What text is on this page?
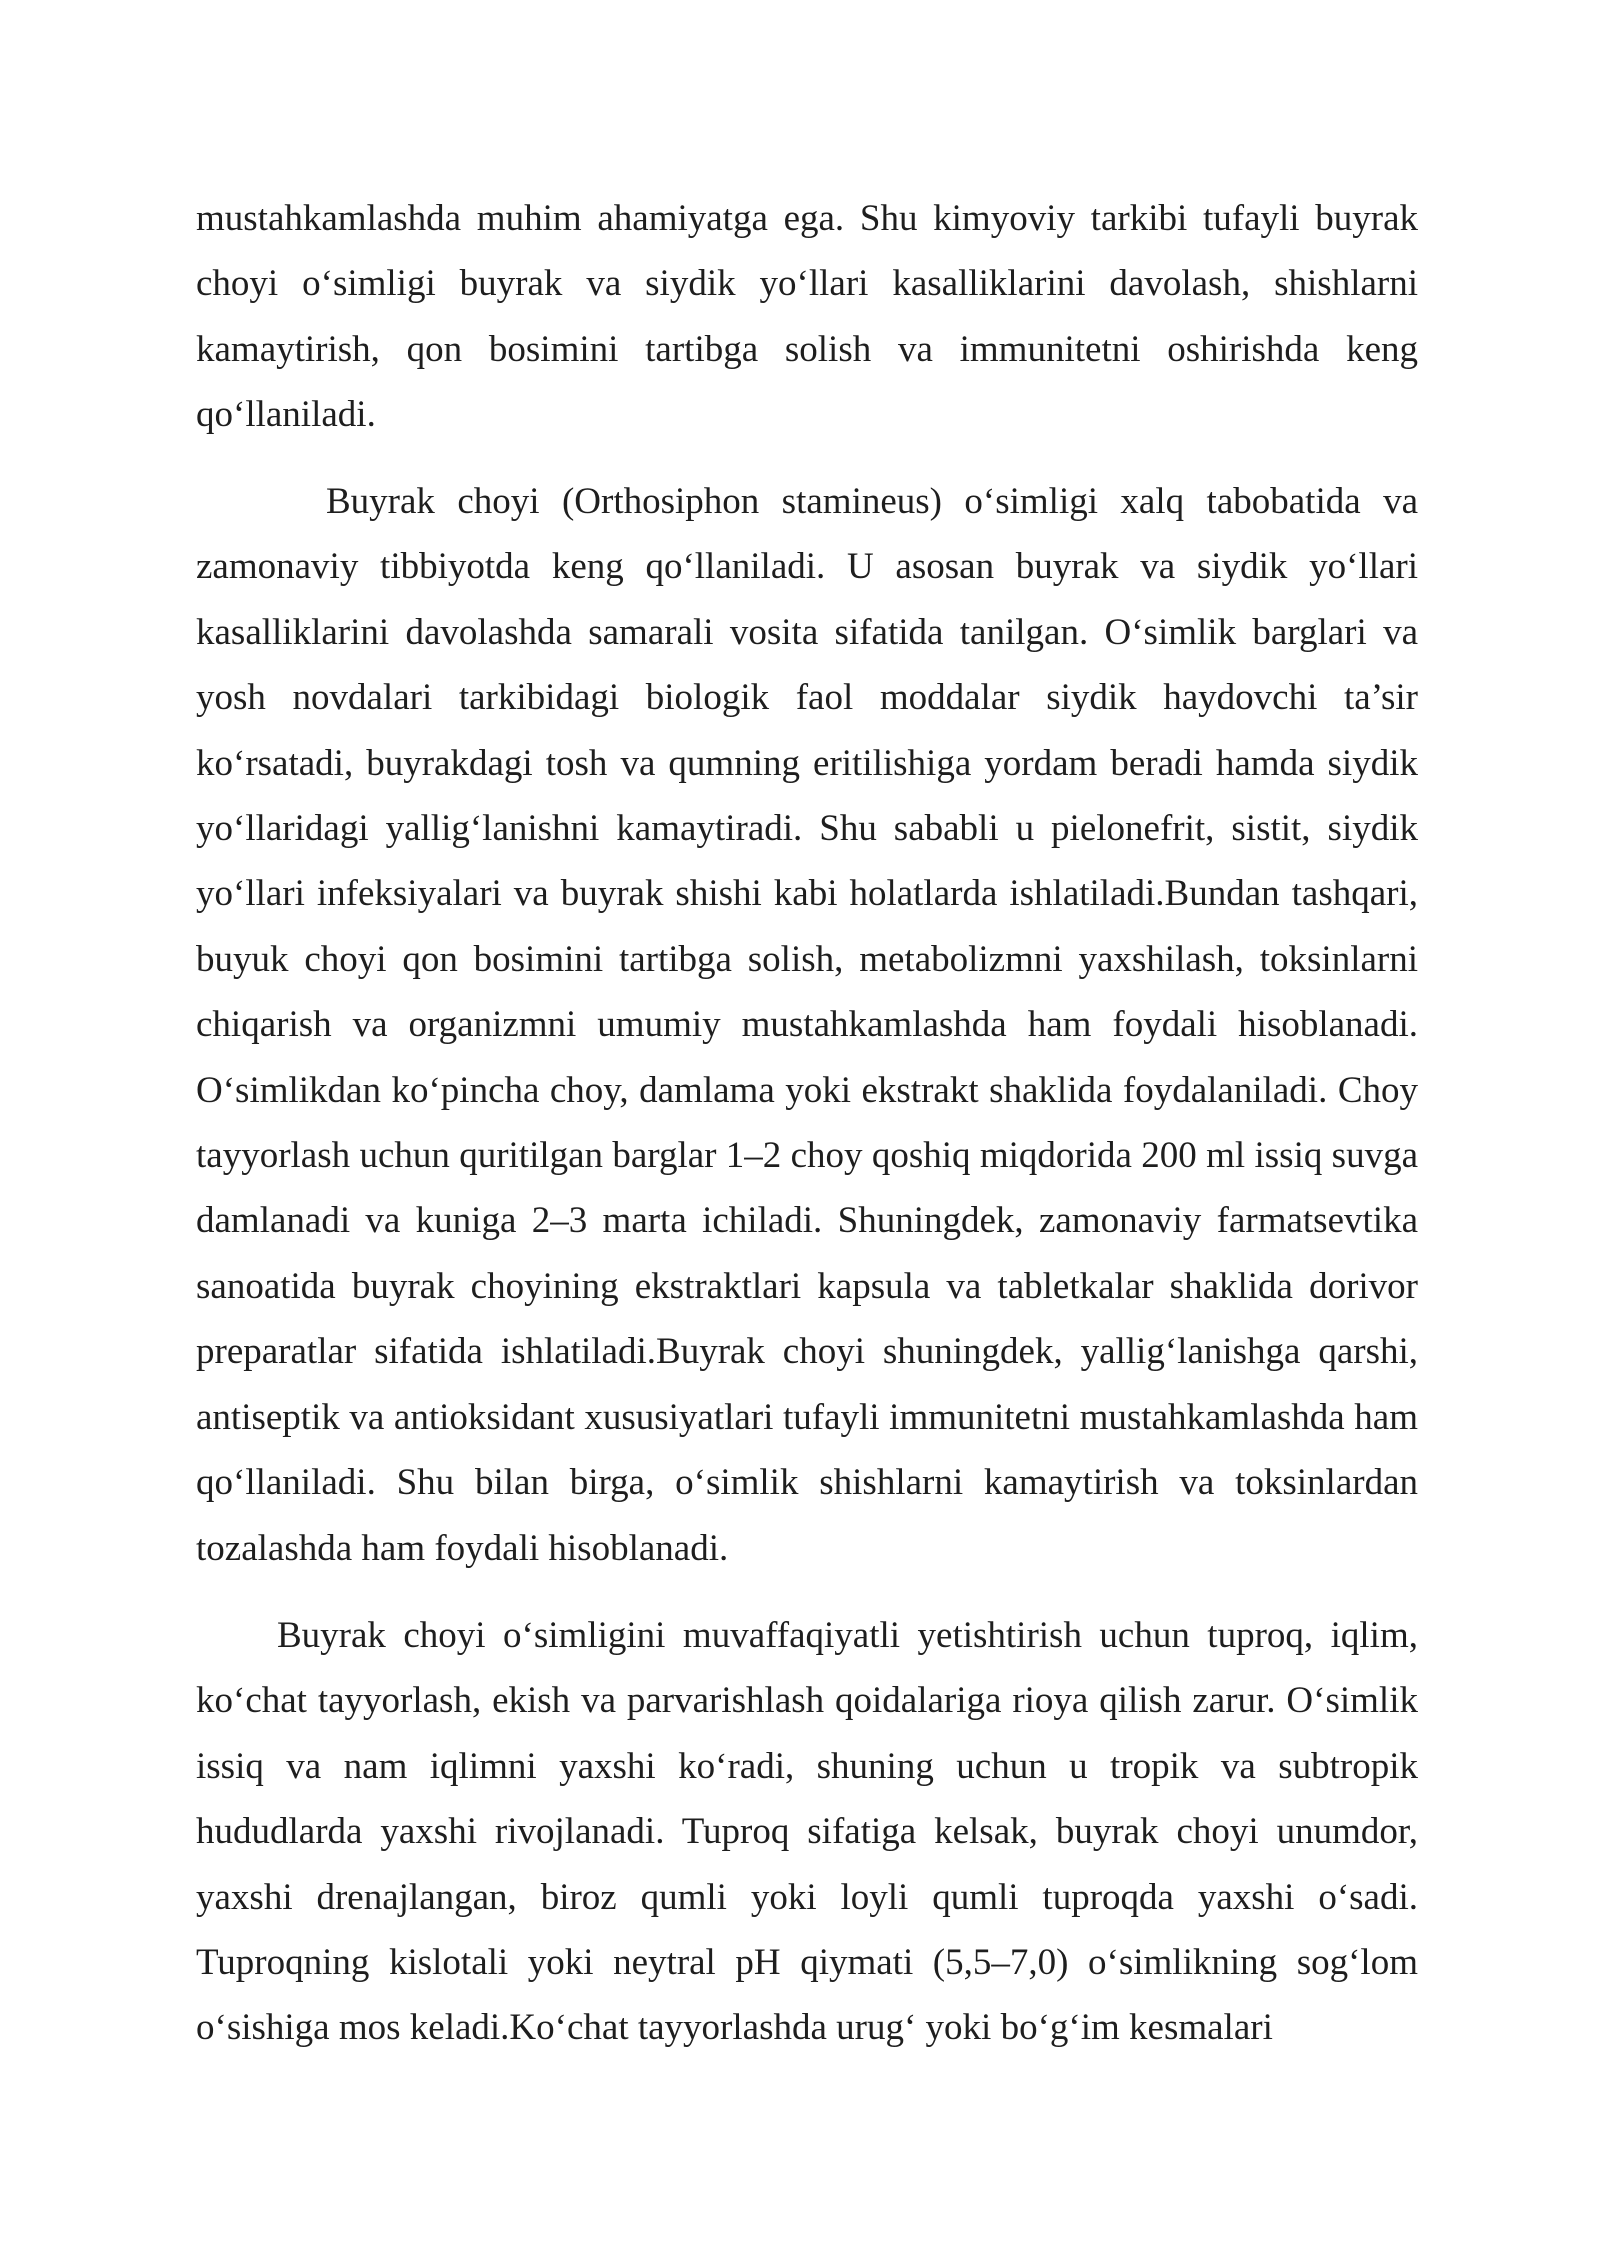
mustahkamlashda muhim ahamiyatga ega. Shu kimyoviy tarkibi tufayli buyrak choyi o‘simligi buyrak va siydik yo‘llari kasalliklarini davolash, shishlarni kamaytirish, qon bosimini tartibga solish va immunitetni oshirishda keng qo‘llaniladi.

Buyrak choyi (Orthosiphon stamineus) o‘simligi xalq tabobatida va zamonaviy tibbiyotda keng qo‘llaniladi. U asosan buyrak va siydik yo‘llari kasalliklarini davolashda samarali vosita sifatida tanilgan. O‘simlik barglari va yosh novdalari tarkibidagi biologik faol moddalar siydik haydovchi ta’sir ko‘rsatadi, buyrakdagi tosh va qumning eritilishiga yordam beradi hamda siydik yo‘llaridagi yallig‘lanishni kamaytiradi. Shu sababli u pielonefrit, sistit, siydik yo‘llari infeksiyalari va buyrak shishi kabi holatlarda ishlatiladi.Bundan tashqari, buyuk choyi qon bosimini tartibga solish, metabolizmni yaxshilash, toksinlarni chiqarish va organizmni umumiy mustahkamlashda ham foydali hisoblanadi. O‘simlikdan ko‘pincha choy, damlama yoki ekstrakt shaklida foydalaniladi. Choy tayyorlash uchun quritilgan barglar 1–2 choy qoshiq miqdorida 200 ml issiq suvga damlanadi va kuniga 2–3 marta ichiladi. Shuningdek, zamonaviy farmatsevtika sanoatida buyrak choyining ekstraktlari kapsula va tabletkalar shaklida dorivor preparatlar sifatida ishlatiladi.Buyrak choyi shuningdek, yallig‘lanishga qarshi, antiseptik va antioksidant xususiyatlari tufayli immunitetni mustahkamlashda ham qo‘llaniladi. Shu bilan birga, o‘simlik shishlarni kamaytirish va toksinlardan tozalashda ham foydali hisoblanadi.

Buyrak choyi o‘simligini muvaffaqiyatli yetishtirish uchun tuproq, iqlim, ko‘chat tayyorlash, ekish va parvarishlash qoidalariga rioya qilish zarur. O‘simlik issiq va nam iqlimni yaxshi ko‘radi, shuning uchun u tropik va subtropik hududlarda yaxshi rivojlanadi. Tuproq sifatiga kelsak, buyrak choyi unumdor, yaxshi drenajlangan, biroz qumli yoki loyli qumli tuproqda yaxshi o‘sadi. Tuproqning kislotali yoki neytral pH qiymati (5,5–7,0) o‘simlikning sog‘lom o‘sishiga mos keladi.Ko‘chat tayyorlashda urug‘ yoki bo‘g‘im kesmalari
